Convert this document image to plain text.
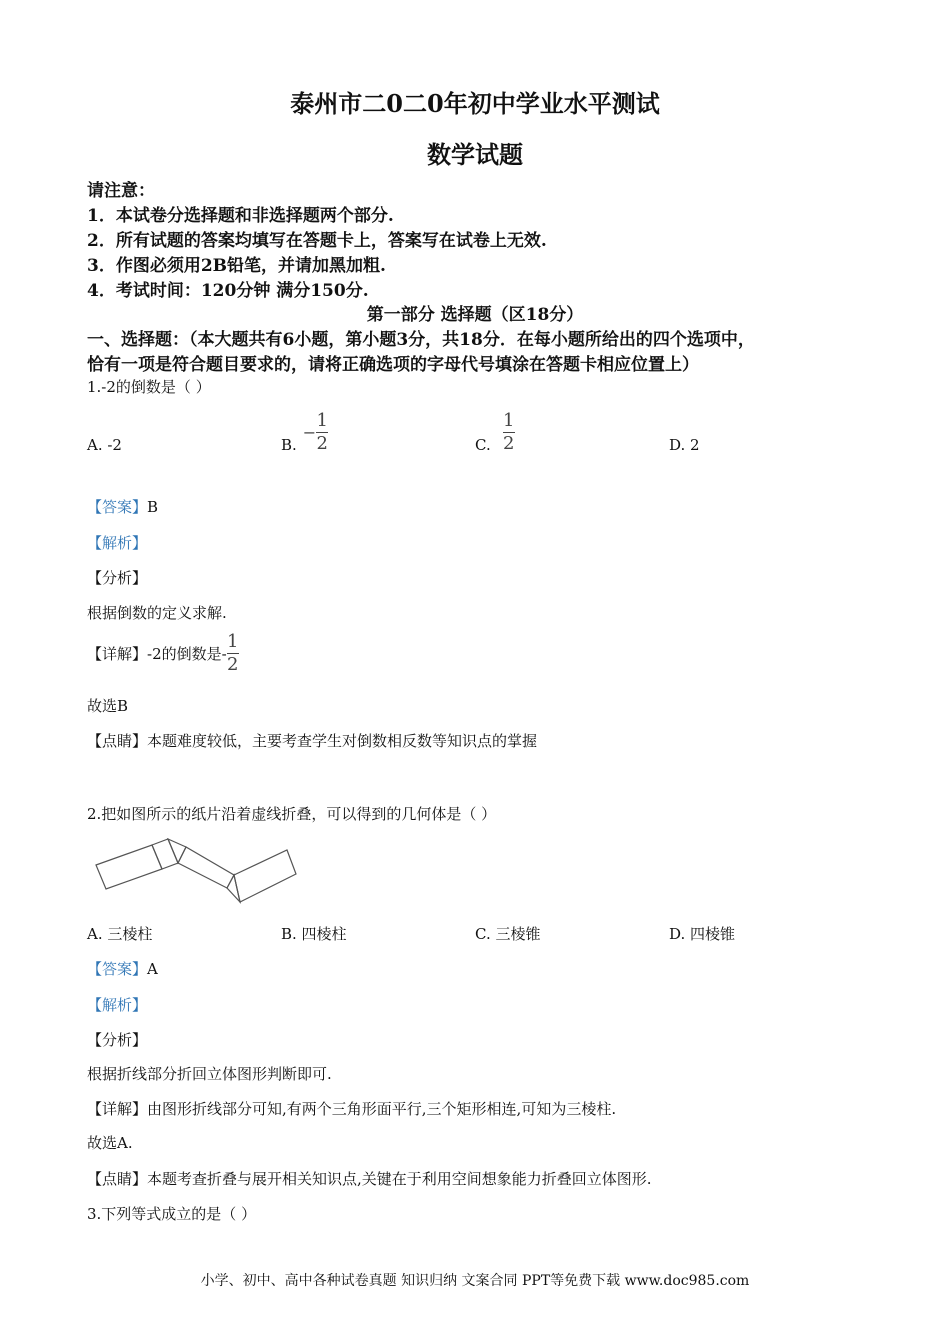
泰州市二0二0年初中学业水平测试
数学试题
请注意：
1．本试卷分选择题和非选择题两个部分.
2．所有试题的答案均填写在答题卡上，答案写在试卷上无效.
3．作图必须用2B铅笔，并请加黑加粗.
4．考试时间：120分钟 满分150分.
第一部分 选择题（区18分）
一、选择题：（本大题共有6小题，第小题3分，共18分．在每小题所给出的四个选项中，
恰有一项是符合题目要求的，请将正确选项的字母代号填涂在答题卡相应位置上）
1.-2的倒数是（ ）
A. -2	B.
− $\frac{1}{2}$	C. $\frac{1}{2}$	D. 2
【答案】B
【解析】
【分析】
根据倒数的定义求解.
【详解】 -2的倒数是- $\frac{1}{2}$
故选B
【点睛】本题难度较低，主要考查学生对倒数相反数等知识点的掌握
2.把如图所示的纸片沿着虚线折叠，可以得到的几何体是（ ）
A. 三棱柱	B. 四棱柱	C. 三棱锥	D. 四棱锥
【答案】A
【解析】
【分析】
根据折线部分折回立体图形判断即可.
【详解】由图形折线部分可知,有两个三角形面平行,三个矩形相连,可知为三棱柱.
故选A.
【点睛】本题考查折叠与展开相关知识点,关键在于利用空间想象能力折叠回立体图形.
3.下列等式成立的是（ ）
小学、初中、高中各种试卷真题 知识归纳 文案合同 PPT等免费下载 www.doc985.com
